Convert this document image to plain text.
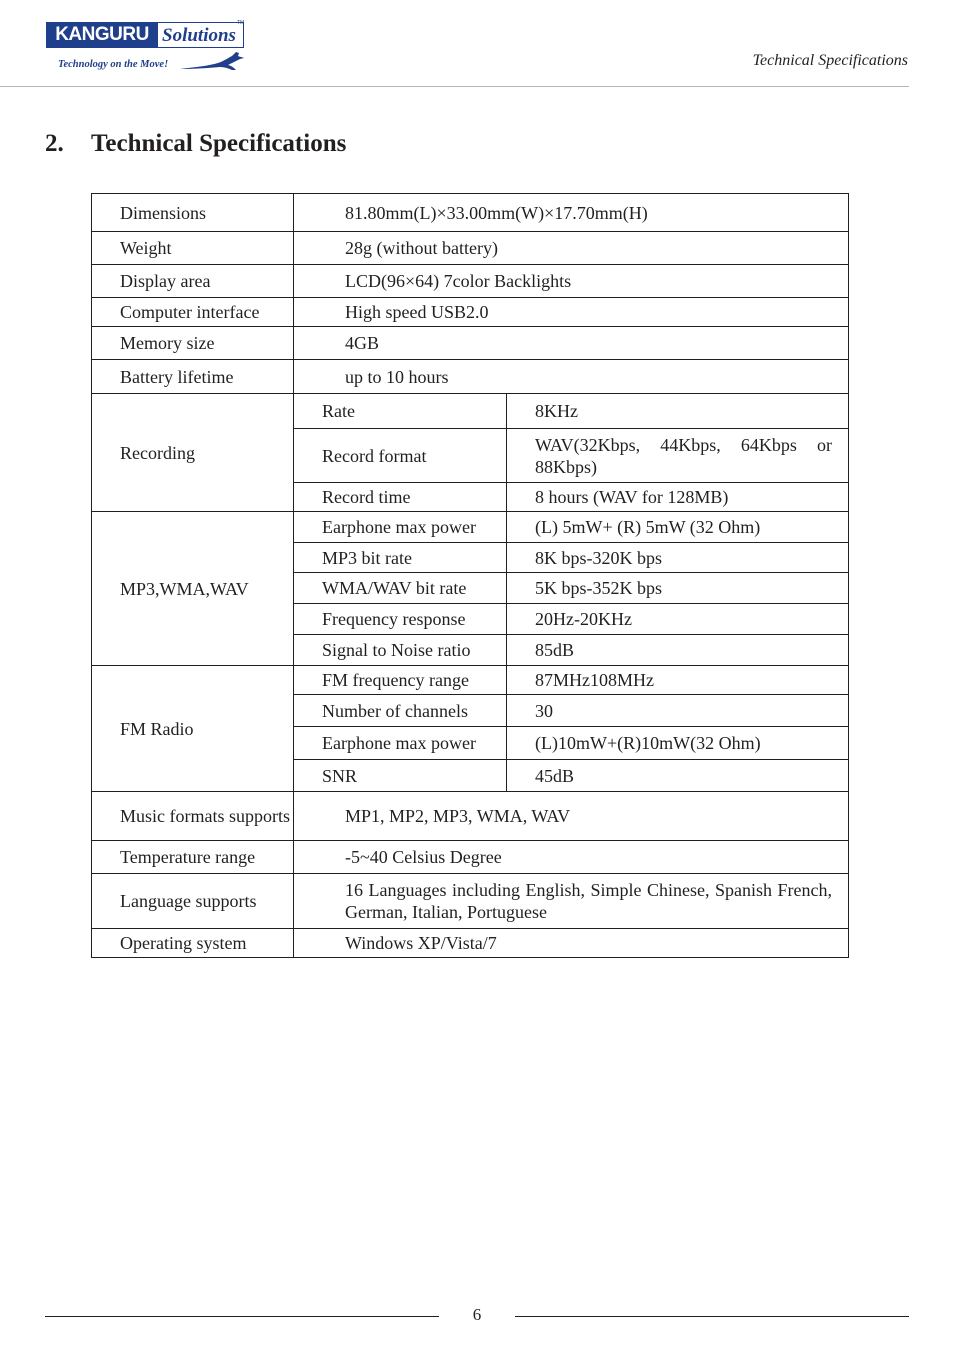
KANGURU Solutions
TM
Technology on the Move!	Technical Specifications
2. Technical Specifications
Dimensions	81.80mm(L)×33.00mm(W)×17.70mm(H)	
Weight	28g (without battery)	
Display area	LCD(96×64) 7color Backlights	
Computer interface	High speed USB2.0	
Memory size	4GB	
Battery lifetime	up to 10 hours	
Recording	Rate	8KHz
	Record format	WAV(32Kbps, 44Kbps, 64Kbps or 88Kbps)
	Record time	8 hours (WAV for 128MB)
MP3,WMA,WAV	Earphone max power	(L) 5mW+ (R) 5mW (32 Ohm)
	MP3 bit rate	8K bps-320K bps
	WMA/WAV bit rate	5K bps-352K bps
	Frequency response	20Hz-20KHz
	Signal to Noise ratio	85dB
FM Radio	FM frequency range	87MHz108MHz
	Number of channels	30
	Earphone max power	(L)10mW+(R)10mW(32 Ohm)
	SNR	45dB
Music formats supports	MP1, MP2, MP3, WMA, WAV	
Temperature range	-5~40 Celsius Degree	
Language supports	16 Languages including English, Simple Chinese, Spanish French, German, Italian, Portuguese	
Operating system	Windows XP/Vista/7	
6
